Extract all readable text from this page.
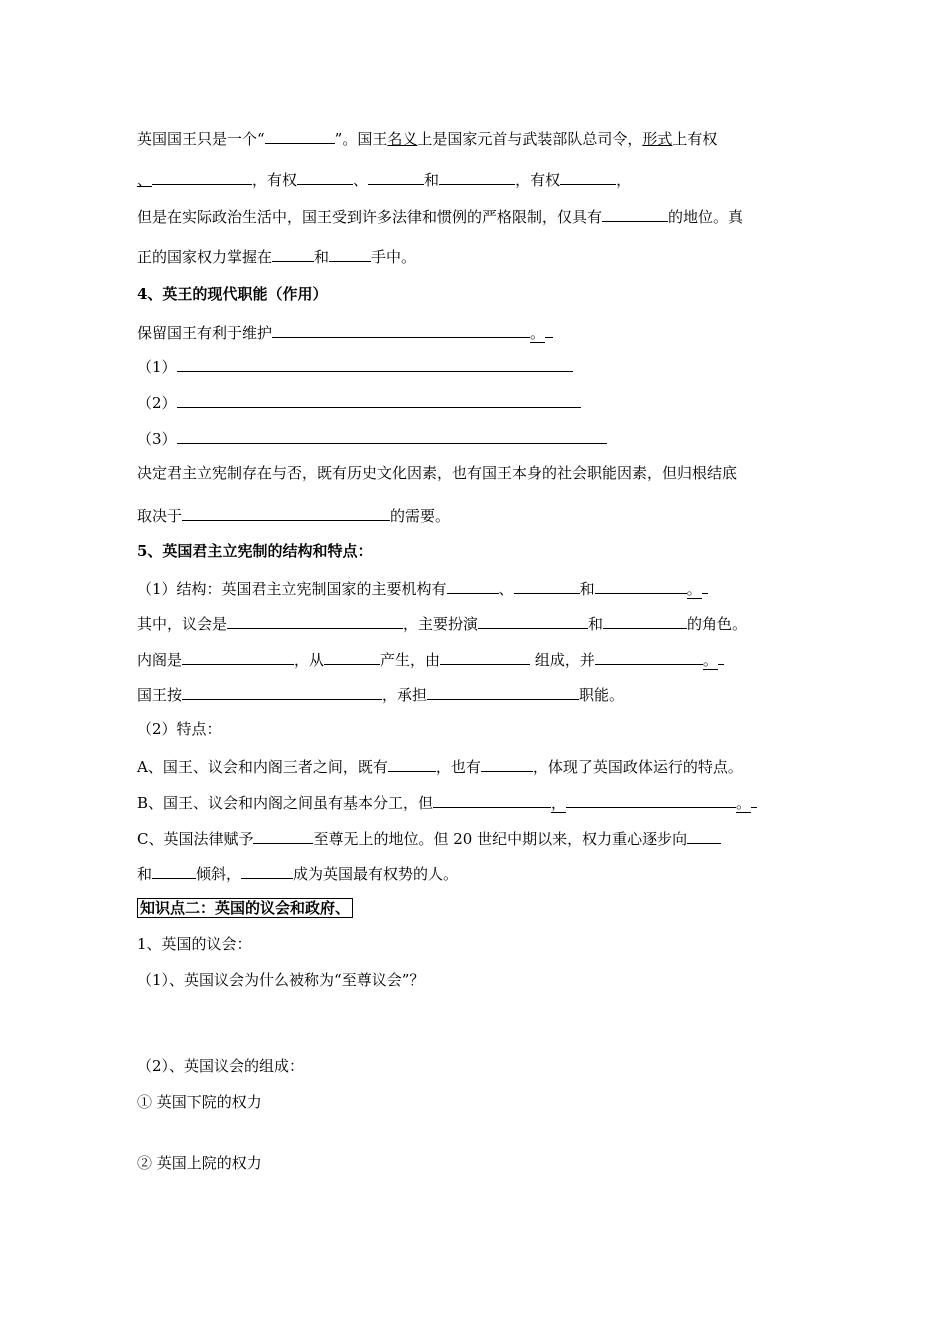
英国国王只是一个“	”。国王名义上是国家元首与武装部队总司令，形式上有权
、	，有权	、	和	，有权	，
但是在实际政治生活中，国王受到许多法律和惯例的严格限制，仅具有	的地位。真
正的国家权力掌握在	和	手中。
4、英王的现代职能（作用）
保留国王有利于维护	。
（1）
（2）
（3）
决定君主立宪制存在与否，既有历史文化因素，也有国王本身的社会职能因素，但归根结底
取决于	的需要。
5、英国君主立宪制的结构和特点：
（1）结构：英国君主立宪制国家的主要机构有	、	和	。
其中，议会是	，主要扮演	和	的角色。
内阁是	，从	产生，由	组成，并	。
国王按	，承担	职能。
（2）特点：
A、国王、议会和内阁三者之间，既有	，也有	，体现了英国政体运行的特点。
B、国王、议会和内阁之间虽有基本分工，但	，	。
C、英国法律赋予	至尊无上的地位。但 20 世纪中期以来，权力重心逐步向
和	倾斜，	成为英国最有权势的人。
知识点二：英国的议会和政府、
1、英国的议会：
（1）、英国议会为什么被称为“至尊议会”？
（2）、英国议会的组成：
① 英国下院的权力
② 英国上院的权力
